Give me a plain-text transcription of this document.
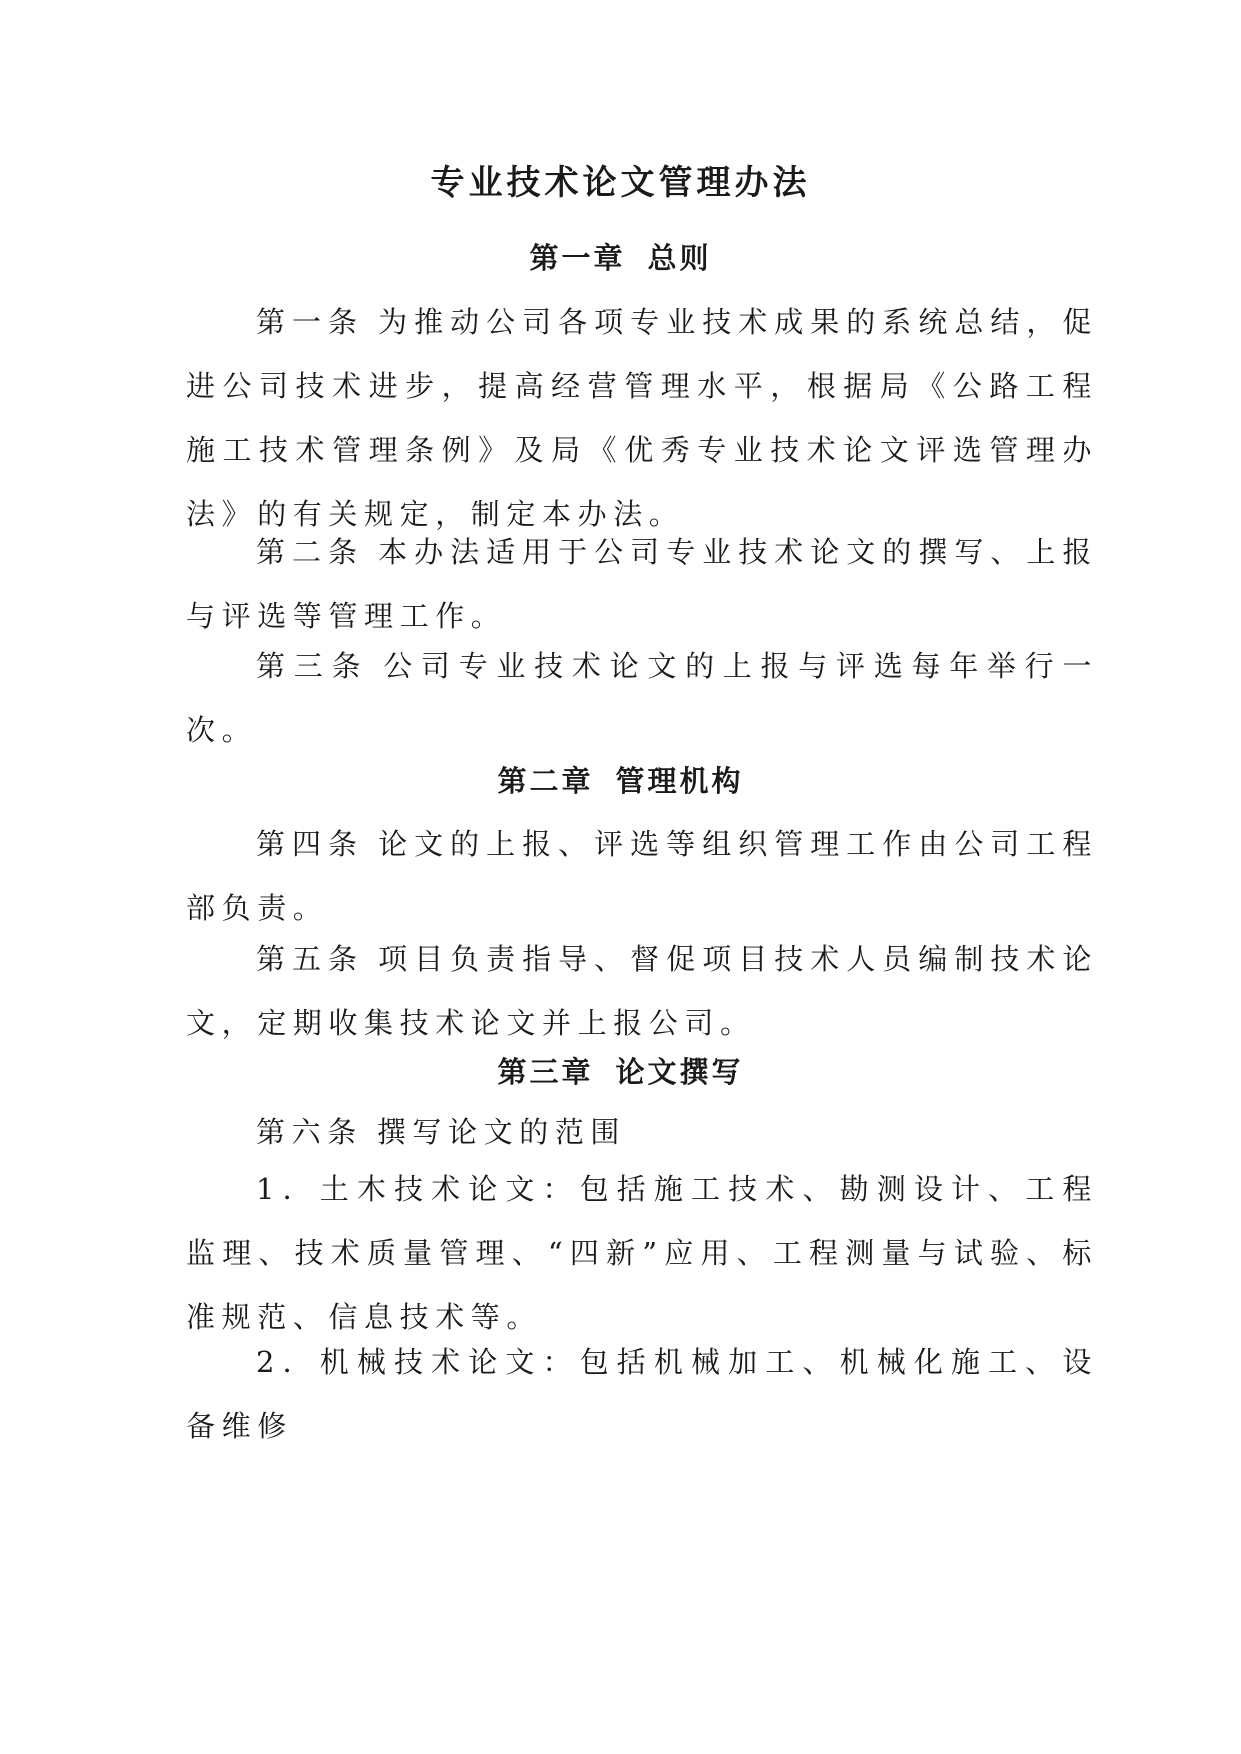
专业技术论文管理办法
第一章 总则

第一条 为推动公司各项专业技术成果的系统总结，促进公司技术进步，提高经营管理水平，根据局《公路工程施工技术管理条例》及局《优秀专业技术论文评选管理办法》的有关规定，制定本办法。

第二条 本办法适用于公司专业技术论文的撰写、上报与评选等管理工作。

第三条 公司专业技术论文的上报与评选每年举行一次。

第二章 管理机构

第四条 论文的上报、评选等组织管理工作由公司工程部负责。

第五条 项目负责指导、督促项目技术人员编制技术论文，定期收集技术论文并上报公司。

第三章 论文撰写

第六条 撰写论文的范围

1．土木技术论文：包括施工技术、勘测设计、工程监理、技术质量管理、“四新”应用、工程测量与试验、标准规范、信息技术等。

2．机械技术论文：包括机械加工、机械化施工、设备维修
